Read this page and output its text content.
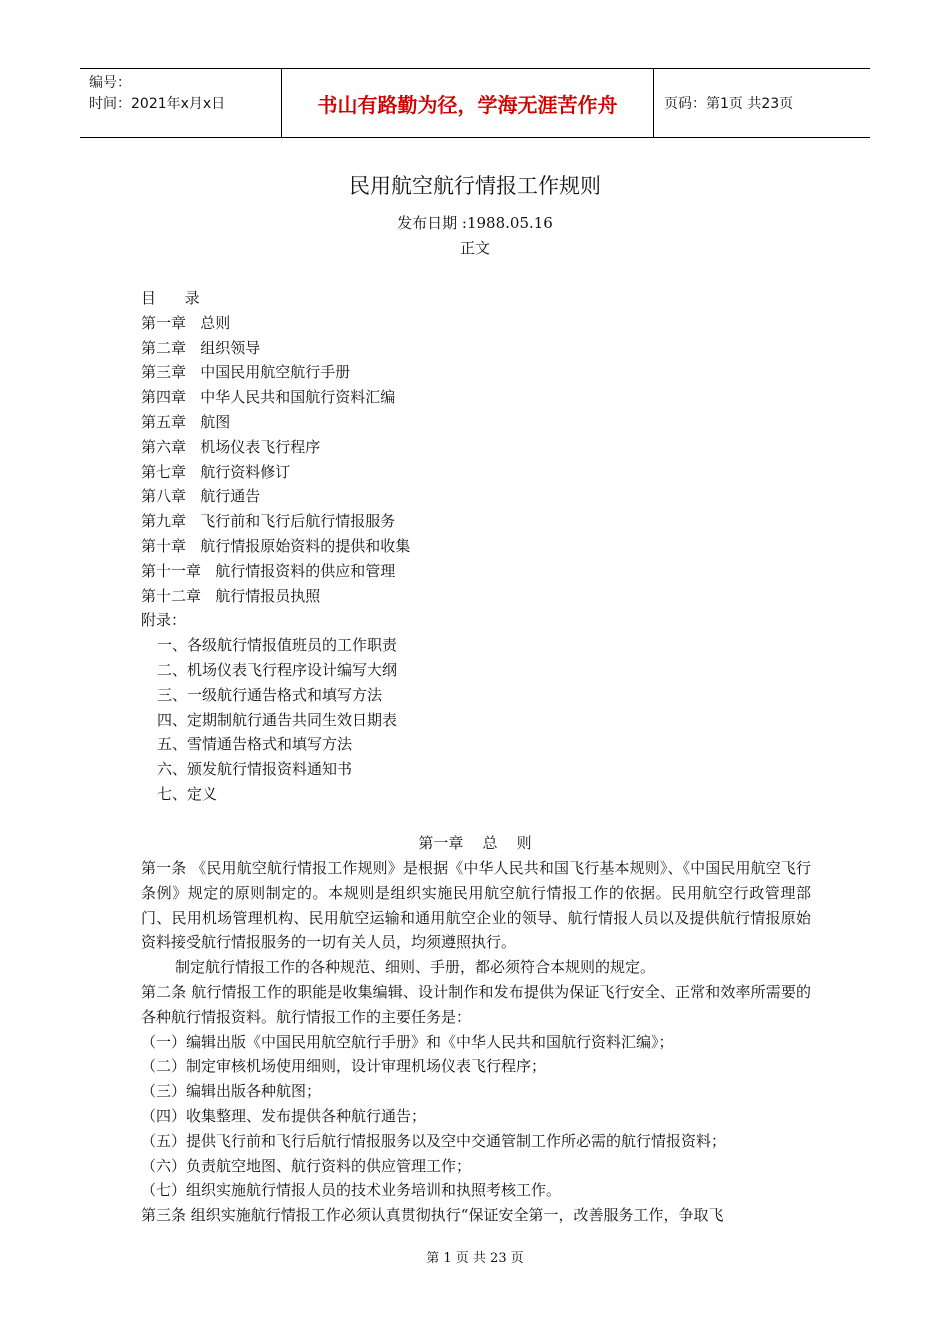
编号：
时间：2021年x月x日	书山有路勤为径，学海无涯苦作舟	页码：第1页 共23页
民用航空航行情报工作规则
发布日期 :1988.05.16
正文
目      录
第一章   总则
第二章   组织领导
第三章   中国民用航空航行手册
第四章   中华人民共和国航行资料汇编
第五章   航图
第六章   机场仪表飞行程序
第七章   航行资料修订
第八章   航行通告
第九章   飞行前和飞行后航行情报服务
第十章   航行情报原始资料的提供和收集
第十一章   航行情报资料的供应和管理
第十二章   航行情报员执照
附录：
一、各级航行情报值班员的工作职责
二、机场仪表飞行程序设计编写大纲
三、一级航行通告格式和填写方法
四、定期制航行通告共同生效日期表
五、雪情通告格式和填写方法
六、颁发航行情报资料通知书
七、定义
第一章    总    则

第一条 《民用航空航行情报工作规则》是根据《中华人民共和国飞行基本规则》、《中国民用航空飞行条例》规定的原则制定的。本规则是组织实施民用航空航行情报工作的依据。民用航空行政管理部门、民用机场管理机构、民用航空运输和通用航空企业的领导、航行情报人员以及提供航行情报原始资料接受航行情报服务的一切有关人员，均须遵照执行。

制定航行情报工作的各种规范、细则、手册，都必须符合本规则的规定。

第二条 航行情报工作的职能是收集编辑、设计制作和发布提供为保证飞行安全、正常和效率所需要的各种航行情报资料。航行情报工作的主要任务是：

（一）编辑出版《中国民用航空航行手册》和《中华人民共和国航行资料汇编》；

（二）制定审核机场使用细则，设计审理机场仪表飞行程序；

（三）编辑出版各种航图；

（四）收集整理、发布提供各种航行通告；

（五）提供飞行前和飞行后航行情报服务以及空中交通管制工作所必需的航行情报资料；

（六）负责航空地图、航行资料的供应管理工作；

（七）组织实施航行情报人员的技术业务培训和执照考核工作。

第三条 组织实施航行情报工作必须认真贯彻执行“保证安全第一，改善服务工作，争取飞

第 1 页 共 23 页
